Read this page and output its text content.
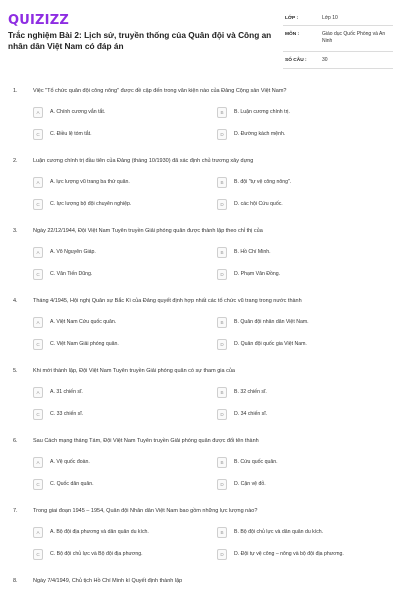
QUIZIZZ
Trắc nghiệm Bài 2: Lịch sử, truyền thống của Quân đội và Công an nhân dân Việt Nam có đáp án
LỚP :	Lớp 10
MÔN :	Giáo dục Quốc Phòng và An Ninh
SỐ CÂU :	30
1.	Việc "Tổ chức quân đội công nông" được đề cập đến trong văn kiện nào của Đảng Cộng sản Việt Nam?
A	A. Chính cương vắn tắt.	B	B. Luận cương chính trị.
C	C. Điều lệ tóm tắt.	D	D. Đường kách mệnh.
2.	Luận cương chính trị đầu tiên của Đảng (tháng 10/1930) đã xác định chủ trương xây dựng
A	A. lực lượng vũ trang ba thứ quân.	B	B. đội "tự vệ công nông".
C	C. lực lượng bộ đội chuyên nghiệp.	D	D. các hội Cứu quốc.
3.	Ngày 22/12/1944, Đội Việt Nam Tuyên truyền Giải phóng quân được thành lập theo chỉ thị của
A	A. Võ Nguyên Giáp.	B	B. Hồ Chí Minh.
C	C. Văn Tiến Dũng.	D	D. Phạm Văn Đồng.
4.	Tháng 4/1945, Hội nghị Quân sự Bắc Kì của Đảng quyết định hợp nhất các tổ chức vũ trang trong nước thành
A	A. Việt Nam Cứu quốc quân.	B	B. Quân đội nhân dân Việt Nam.
C	C. Việt Nam Giải phóng quân.	D	D. Quân đội quốc gia Việt Nam.
5.	Khi mới thành lập, Đội Việt Nam Tuyên truyền Giải phóng quân có sự tham gia của
A	A. 31 chiến sĩ.	B	B. 32 chiến sĩ.
C	C. 33 chiến sĩ.	D	D. 34 chiến sĩ.
6.	Sau Cách mạng tháng Tám, Đội Việt Nam Tuyên truyền Giải phóng quân được đổi tên thành
A	A. Vệ quốc đoàn.	B	B. Cứu quốc quân.
C	C. Quốc dân quân.	D	D. Cận vệ đỏ.
7.	Trong giai đoạn 1945 – 1954, Quân đội Nhân dân Việt Nam bao gồm những lực lượng nào?
A	A. Bộ đội địa phương và dân quân du kích.	B	B. Bộ đội chủ lực và dân quân du kích.
C	C. Bộ đội chủ lực và Bộ đội địa phương.	D	D. Đội tự vệ công – nông và bộ đội địa phương.
8.	Ngày 7/4/1949, Chủ tịch Hồ Chí Minh kí Quyết định thành lập
